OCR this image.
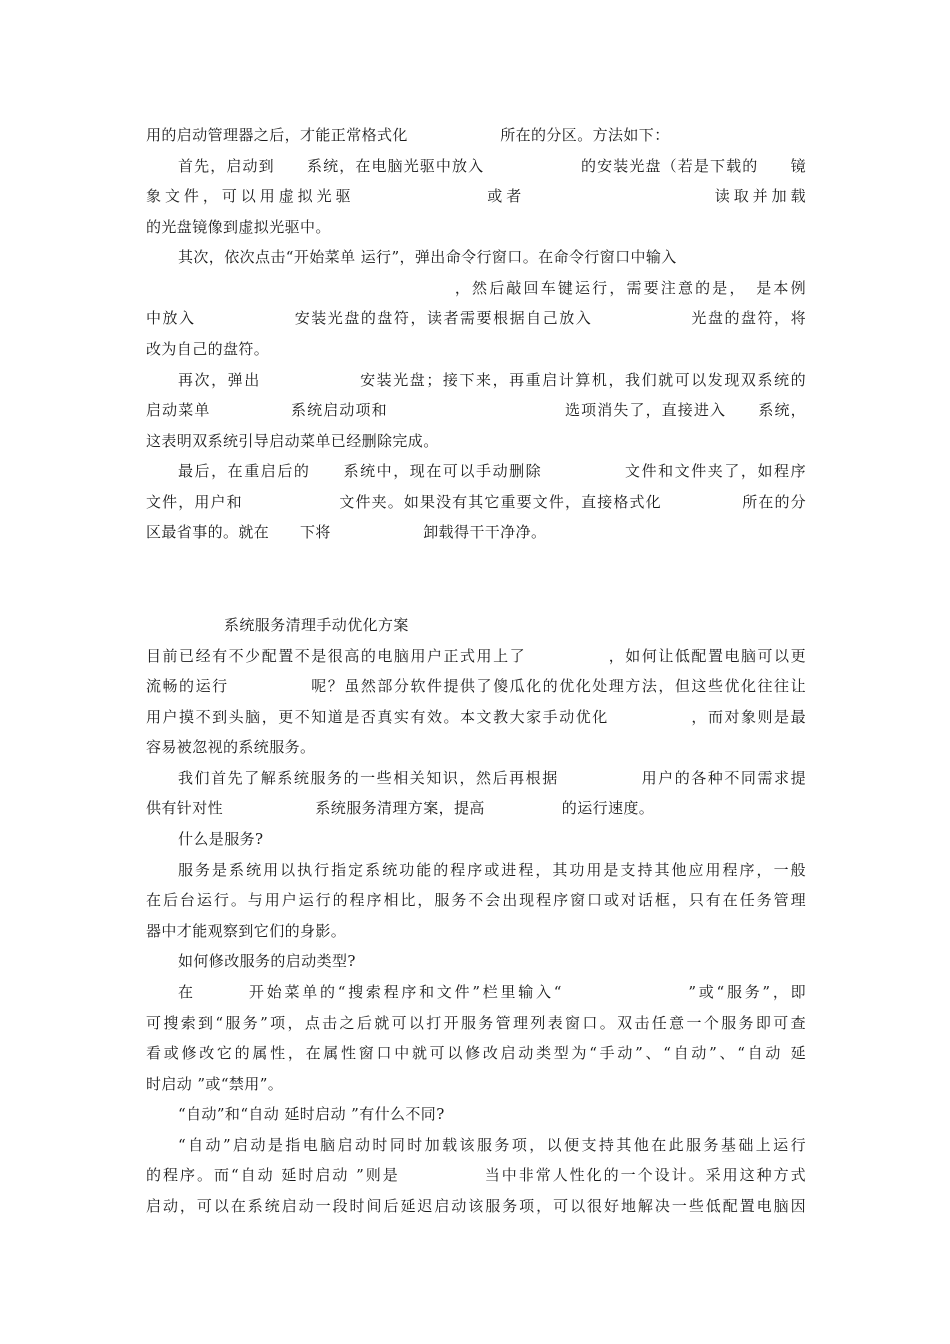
用的启动管理器之后，才能正常格式化　　　　　　所在的分区。方法如下：
首先，启动到　　系统，在电脑光驱中放入　　　　　　的安装光盘（若是下载的　　镜
象文件，可以用虚拟光驱　　　　　　　或者　　　　　　　　　　读取并加载
的光盘镜像到虚拟光驱中。
其次，依次点击“开始菜单 运行”，弹出命令行窗口。在命令行窗口中输入
　　　　　　　　　　　　　　　　　　，然后敲回车键运行，需要注意的是，　是本例
中放入　　　　　　安装光盘的盘符，读者需要根据自己放入　　　　　　光盘的盘符，将
改为自己的盘符。
再次，弹出　　　　　　安装光盘；接下来，再重启计算机，我们就可以发现双系统的
启动菜单　　　　　系统启动项和　　　　　　　　　　　选项消失了，直接进入　　系统，
这表明双系统引导启动菜单已经删除完成。
最后，在重启后的　　系统中，现在可以手动删除　　　　　文件和文件夹了，如程序
文件，用户和　　　　　　文件夹。如果没有其它重要文件，直接格式化　　　　　所在的分
区最省事的。就在　　下将　　　　　　卸载得干干净净。
系统服务清理手动优化方案
目前已经有不少配置不是很高的电脑用户正式用上了　　　　　，如何让低配置电脑可以更
流畅的运行　　　　　呢？虽然部分软件提供了傻瓜化的优化处理方法，但这些优化往往让
用户摸不到头脑，更不知道是否真实有效。本文教大家手动优化　　　　　，而对象则是最
容易被忽视的系统服务。
我们首先了解系统服务的一些相关知识，然后再根据　　　　　用户的各种不同需求提
供有针对性　　　　　　系统服务清理方案，提高　　　　　的运行速度。
什么是服务?
服务是系统用以执行指定系统功能的程序或进程，其功用是支持其他应用程序，一般
在后台运行。与用户运行的程序相比，服务不会出现程序窗口或对话框，只有在任务管理
器中才能观察到它们的身影。
如何修改服务的启动类型?
在　　　开始菜单的“搜索程序和文件”栏里输入“　　　　　　　”或“服务”，即
可搜索到“服务”项，点击之后就可以打开服务管理列表窗口。双击任意一个服务即可查
看或修改它的属性，在属性窗口中就可以修改启动类型为“手动”、“自动”、“自动 延
时启动 ”或“禁用”。
“自动”和“自动 延时启动 ”有什么不同?
“自动”启动是指电脑启动时同时加载该服务项，以便支持其他在此服务基础上运行
的程序。而“自动 延时启动 ”则是　　　　　当中非常人性化的一个设计。采用这种方式
启动，可以在系统启动一段时间后延迟启动该服务项，可以很好地解决一些低配置电脑因
